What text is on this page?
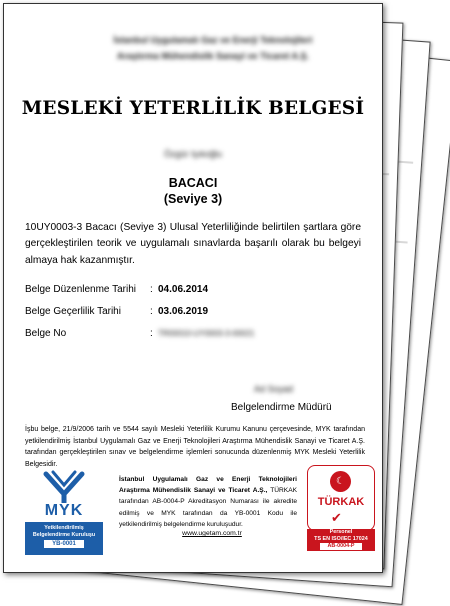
İstanbul Uygulamalı Gaz ve Enerji Teknolojileri
Araştırma Mühendislik Sanayi ve Ticaret A.Ş.
MESLEKİ YETERLİLİK BELGESİ
Özgür Işıkoğlu
BACACI
(Seviye 3)
10UY0003-3 Bacacı (Seviye 3) Ulusal Yeterliliğinde belirtilen şartlara göre gerçekleştirilen teorik ve uygulamalı sınavlarda başarılı olarak bu belgeyi almaya hak kazanmıştır.
Belge Düzenlenme Tarihi : 04.06.2014
Belge Geçerlilik Tarihi	: 03.06.2019
Belge No	: TR00010-UY0003-3-00021
Ad Soyad
Belgelendirme Müdürü
İşbu belge, 21/9/2006 tarih ve 5544 sayılı Mesleki Yeterlilik Kurumu Kanunu çerçevesinde, MYK tarafından yetkilendirilmiş İstanbul Uygulamalı Gaz ve Enerji Teknolojileri Araştırma Mühendislik Sanayi ve Ticaret A.Ş. tarafından gerçekleştirilen sınav ve belgelendirme işlemleri sonucunda düzenlenmiş MYK Mesleki Yeterlilik Belgesidir.
MYK
Yetkilendirilmiş
Belgelendirme Kuruluşu
YB-0001
İstanbul Uygulamalı Gaz ve Enerji Teknolojileri Araştırma Mühendislik Sanayi ve Ticaret A.Ş., TÜRKAK tarafından AB-0004-P Akreditasyon Numarası ile akredite edilmiş ve MYK tarafından da YB-0001 Kodu ile yetkilendirilmiş belgelendirme kuruluşudur.
www.ugetam.com.tr
☾
TÜRKAK
✔
Personel
TS EN ISO/IEC 17024
AB-0004-P
